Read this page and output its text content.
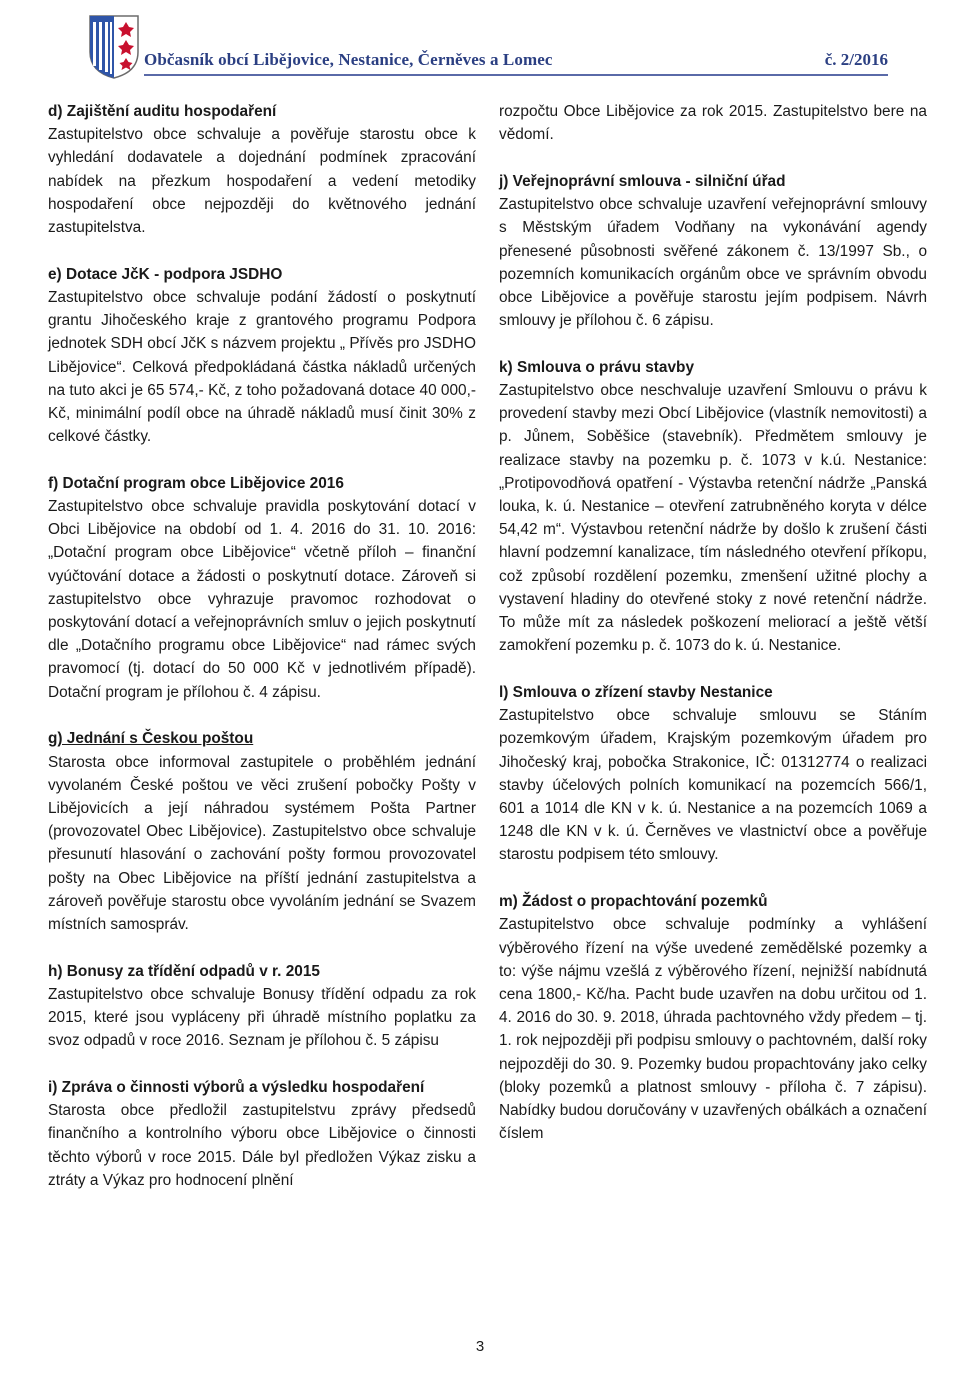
Občasník obcí Libějovice, Nestanice, Černěves a Lomec	č. 2/2016

d) Zajištění auditu hospodaření

Zastupitelstvo obce schvaluje a pověřuje starostu obce k vyhledání dodavatele a dojednání podmínek zpracování nabídek na přezkum hospodaření a vedení metodiky hospodaření obce nejpozději do květnového jednání zastupitelstva.

e) Dotace JčK - podpora JSDHO

Zastupitelstvo obce schvaluje podání žádostí o poskytnutí grantu Jihočeského kraje z grantového programu Podpora jednotek SDH obcí JčK s názvem projektu „ Přívěs pro JSDHO Libějovice“. Celková předpokládaná částka nákladů určených na tuto akci je 65 574,- Kč, z toho požadovaná dotace 40 000,- Kč, minimální podíl obce na úhradě nákladů musí činit 30% z celkové částky.

f) Dotační program obce Libějovice 2016

Zastupitelstvo obce schvaluje pravidla poskytování dotací v Obci Libějovice na období od 1. 4. 2016 do 31. 10. 2016: „Dotační program obce Libějovice“ včetně příloh – finanční vyúčtování dotace a žádosti o poskytnutí dotace. Zároveň si zastupitelstvo obce vyhrazuje pravomoc rozhodovat o poskytování dotací a veřejnoprávních smluv o jejich poskytnutí dle „Dotačního programu obce Libějovice“ nad rámec svých pravomocí (tj. dotací do 50 000 Kč v jednotlivém případě). Dotační program je přílohou č. 4 zápisu.

g) Jednání s Českou poštou

Starosta obce informoval zastupitele o proběhlém jednání vyvolaném České poštou ve věci zrušení pobočky Pošty v Libějovicích a její náhradou systémem Pošta Partner (provozovatel Obec Libějovice). Zastupitelstvo obce schvaluje přesunutí hlasování o zachování pošty formou provozovatel pošty na Obec Libějovice na příští jednání zastupitelstva a zároveň pověřuje starostu obce vyvoláním jednání se Svazem místních samospráv.

h) Bonusy za třídění odpadů v r. 2015

Zastupitelstvo obce schvaluje Bonusy třídění odpadu za rok 2015, které jsou vypláceny při úhradě místního poplatku za svoz odpadů v roce 2016. Seznam je přílohou č. 5 zápisu

i) Zpráva o činnosti výborů a výsledku hospodaření

Starosta obce předložil zastupitelstvu zprávy předsedů finančního a kontrolního výboru obce Libějovice o činnosti těchto výborů v roce 2015. Dále byl předložen Výkaz zisku a ztráty a Výkaz pro hodnocení plnění

rozpočtu Obce Libějovice za rok 2015. Zastupitelstvo bere na vědomí.

j) Veřejnoprávní smlouva - silniční úřad

Zastupitelstvo obce schvaluje uzavření veřejnoprávní smlouvy s Městským úřadem Vodňany na vykonávání agendy přenesené působnosti svěřené zákonem č. 13/1997 Sb., o pozemních komunikacích orgánům obce ve správním obvodu obce Libějovice a pověřuje starostu jejím podpisem. Návrh smlouvy je přílohou č. 6 zápisu.

k) Smlouva o právu stavby

Zastupitelstvo obce neschvaluje uzavření Smlouvu o právu k provedení stavby mezi Obcí Libějovice (vlastník nemovitosti) a p. Jůnem, Soběšice (stavebník). Předmětem smlouvy je realizace stavby na pozemku p. č. 1073 v k.ú. Nestanice: „Protipovodňová opatření - Výstavba retenční nádrže „Panská louka, k. ú. Nestanice – otevření zatrubněného koryta v délce 54,42 m“. Výstavbou retenční nádrže by došlo k zrušení části hlavní podzemní kanalizace, tím následného otevření příkopu, což způsobí rozdělení pozemku, zmenšení užitné plochy a vystavení hladiny do otevřené stoky z nové retenční nádrže. To může mít za následek poškození meliorací a ještě větší zamokření pozemku p. č. 1073 do k. ú. Nestanice.

l) Smlouva o zřízení stavby Nestanice

Zastupitelstvo obce schvaluje smlouvu se Stáním pozemkovým úřadem, Krajským pozemkovým úřadem pro Jihočeský kraj, pobočka Strakonice, IČ: 01312774 o realizaci stavby účelových polních komunikací na pozemcích 566/1, 601 a 1014 dle KN v k. ú. Nestanice a na pozemcích 1069 a 1248 dle KN v k. ú. Černěves ve vlastnictví obce a pověřuje starostu podpisem této smlouvy.

m) Žádost o propachtování pozemků

Zastupitelstvo obce schvaluje podmínky a vyhlášení výběrového řízení na výše uvedené zemědělské pozemky a to: výše nájmu vzešlá z výběrového řízení, nejnižší nabídnutá cena 1800,- Kč/ha. Pacht bude uzavřen na dobu určitou od 1. 4. 2016 do 30. 9. 2018, úhrada pachtovného vždy předem – tj. 1. rok nejpozději při podpisu smlouvy o pachtovném, další roky nejpozději do 30. 9. Pozemky budou propachtovány jako celky (bloky pozemků a platnost smlouvy - příloha č. 7 zápisu). Nabídky budou doručovány v uzavřených obálkách a označení číslem

3
